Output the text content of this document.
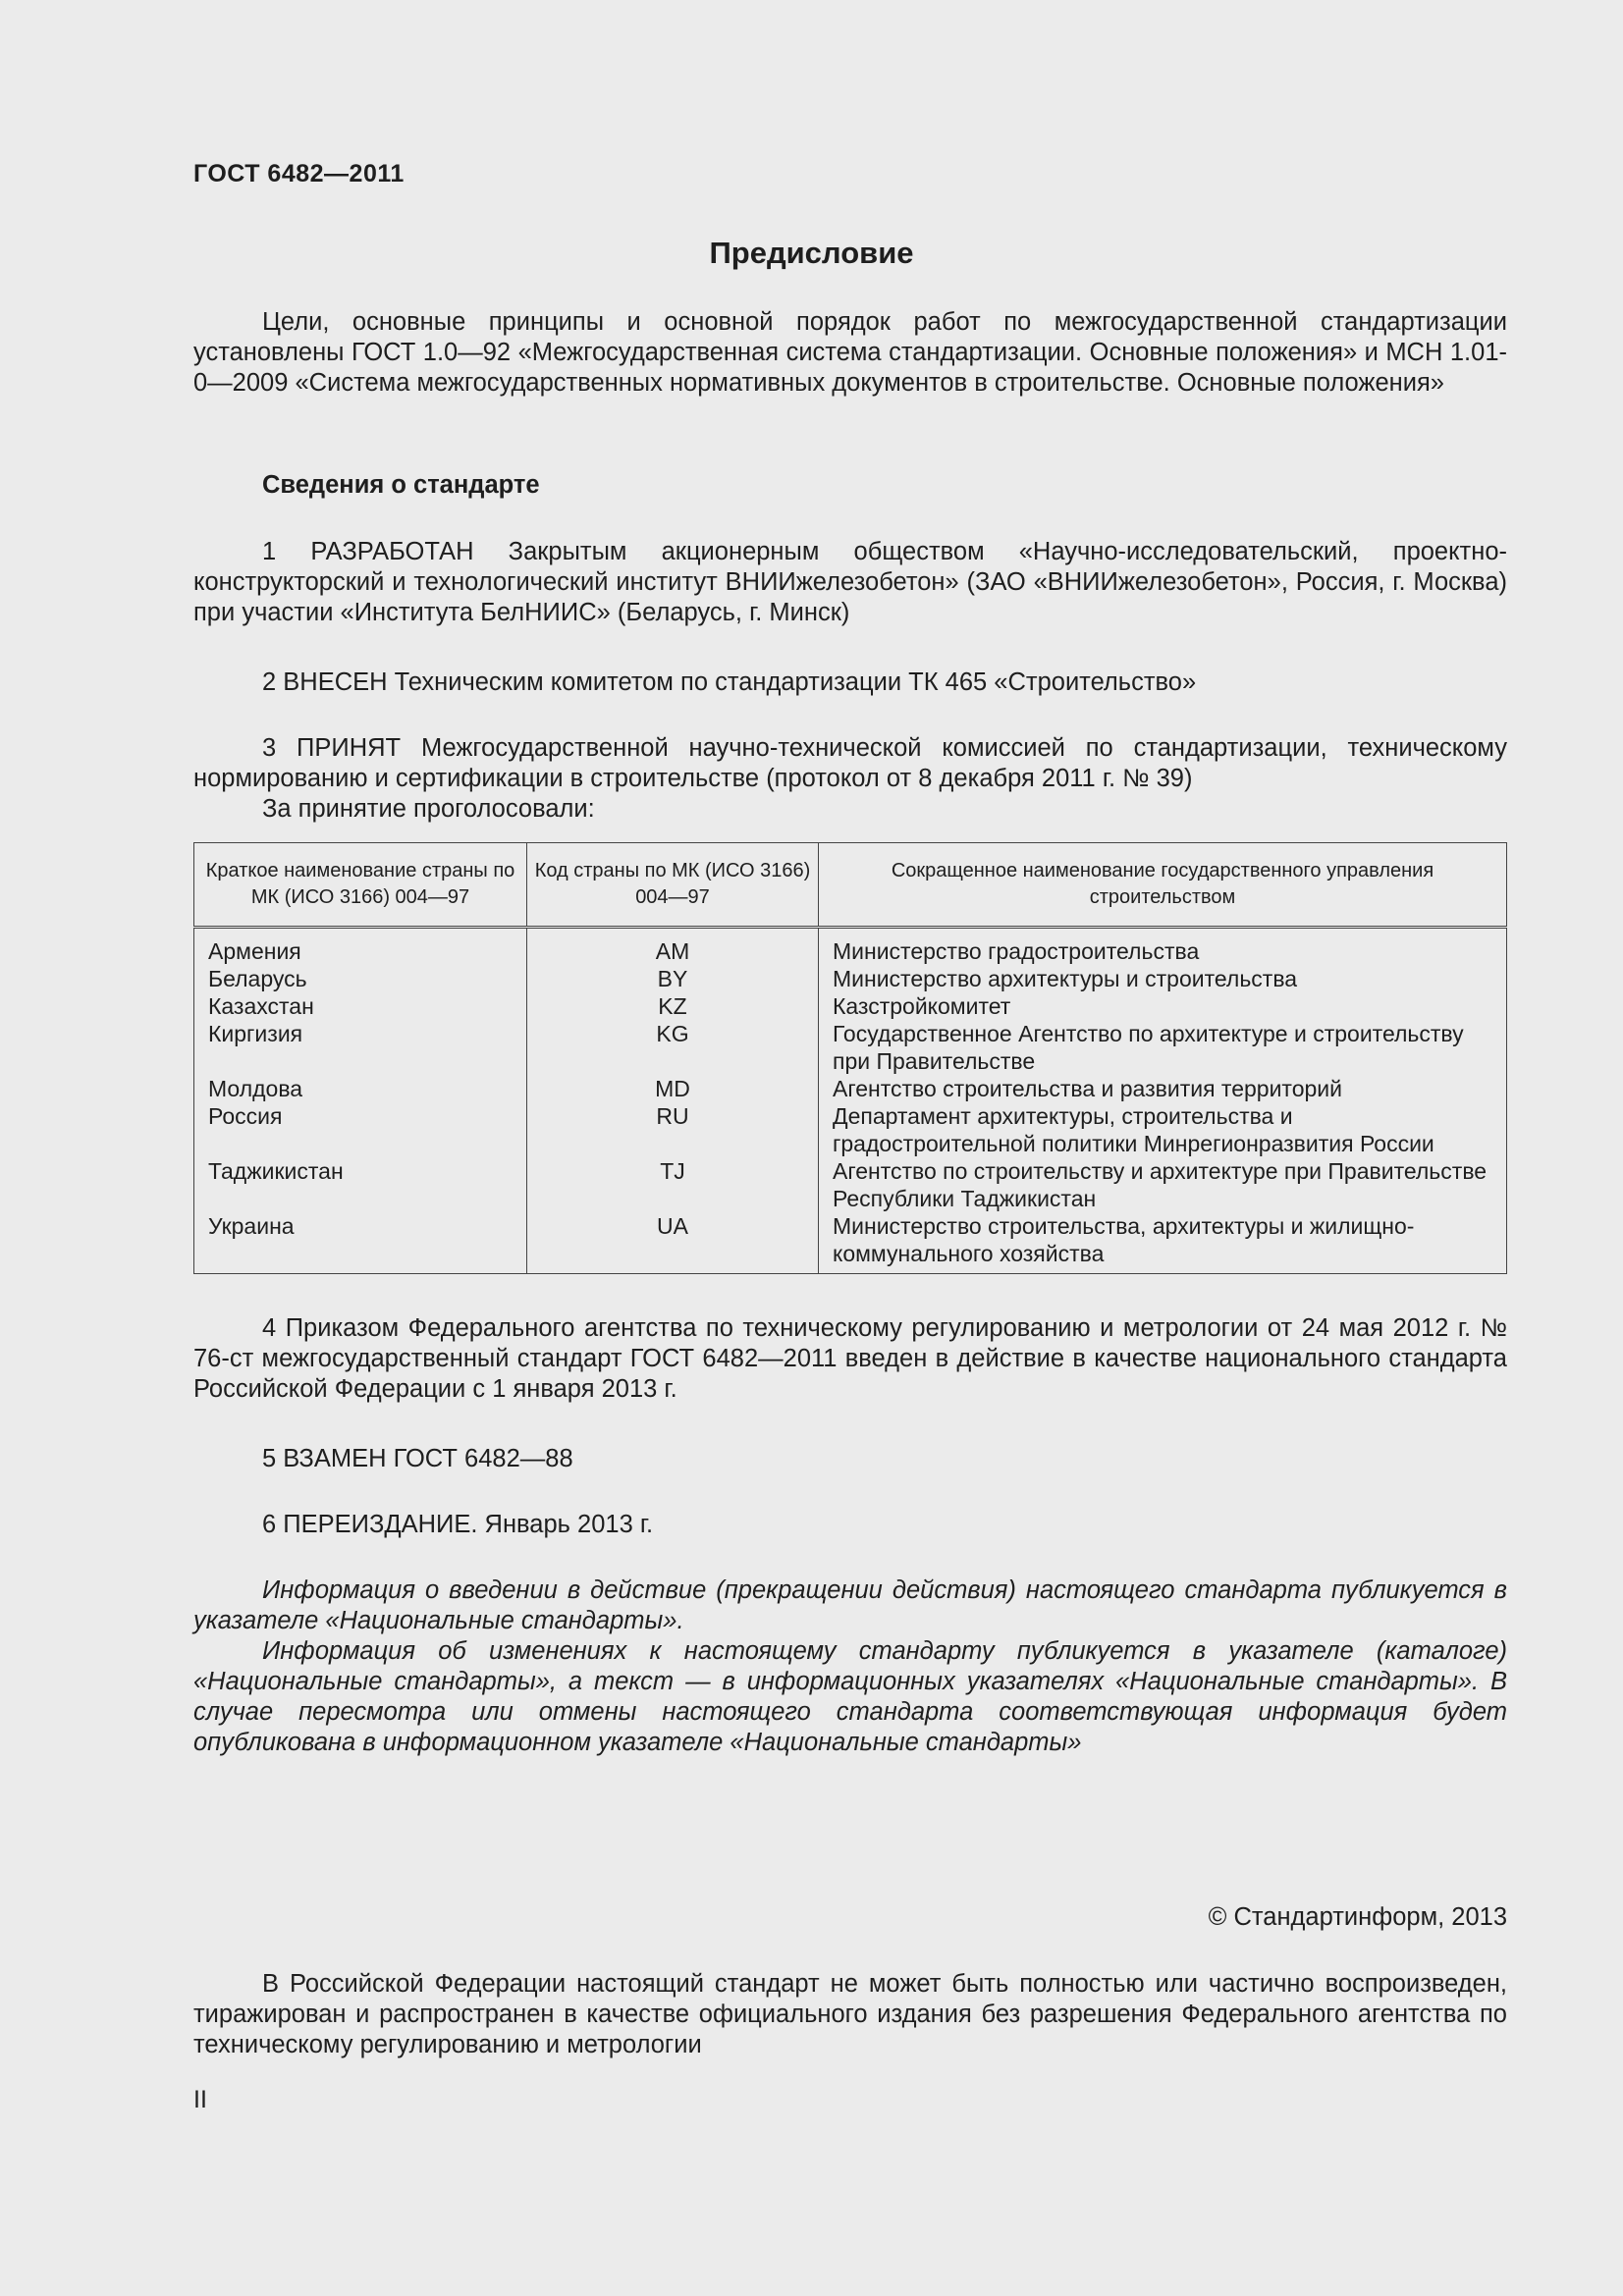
ГОСТ 6482—2011
Предисловие

Цели, основные принципы и основной порядок работ по межгосударственной стандартизации установлены ГОСТ 1.0—92 «Межгосударственная система стандартизации. Основные положения» и МСН 1.01-0—2009 «Система межгосударственных нормативных документов в строительстве. Основные положения»

Сведения о стандарте

1 РАЗРАБОТАН Закрытым акционерным обществом «Научно-исследовательский, проектно-конструкторский и технологический институт ВНИИжелезобетон» (ЗАО «ВНИИжелезобетон», Россия, г. Москва) при участии «Института БелНИИС» (Беларусь, г. Минск)

2 ВНЕСЕН Техническим комитетом по стандартизации ТК 465 «Строительство»

3 ПРИНЯТ Межгосударственной научно-технической комиссией по стандартизации, техническому нормированию и сертификации в строительстве (протокол от 8 декабря 2011 г. № 39)

За принятие проголосовали:

Краткое наименование страны по МК (ИСО 3166) 004—97	Код страны по МК (ИСО 3166) 004—97	Сокращенное наименование государственного управления строительством
Армения	AM	Министерство градостроительства
Беларусь	BY	Министерство архитектуры и строительства
Казахстан	KZ	Казстройкомитет
Киргизия	KG	Государственное Агентство по архитектуре и строительству при Правительстве
Молдова	MD	Агентство строительства и развития территорий
Россия	RU	Департамент архитектуры, строительства и градостроительной политики Минрегионразвития России
Таджикистан	TJ	Агентство по строительству и архитектуре при Правительстве Республики Таджикистан
Украина	UA	Министерство строительства, архитектуры и жилищно-коммунального хозяйства

4 Приказом Федерального агентства по техническому регулированию и метрологии от 24 мая 2012 г. № 76-ст межгосударственный стандарт ГОСТ 6482—2011 введен в действие в качестве национального стандарта Российской Федерации с 1 января 2013 г.

5 ВЗАМЕН ГОСТ 6482—88

6 ПЕРЕИЗДАНИЕ. Январь 2013 г.

Информация о введении в действие (прекращении действия) настоящего стандарта публикуется в указателе «Национальные стандарты».

Информация об изменениях к настоящему стандарту публикуется в указателе (каталоге) «Национальные стандарты», а текст — в информационных указателях «Национальные стандарты». В случае пересмотра или отмены настоящего стандарта соответствующая информация будет опубликована в информационном указателе «Национальные стандарты»

© Стандартинформ, 2013

В Российской Федерации настоящий стандарт не может быть полностью или частично воспроизведен, тиражирован и распространен в качестве официального издания без разрешения Федерального агентства по техническому регулированию и метрологии

II
